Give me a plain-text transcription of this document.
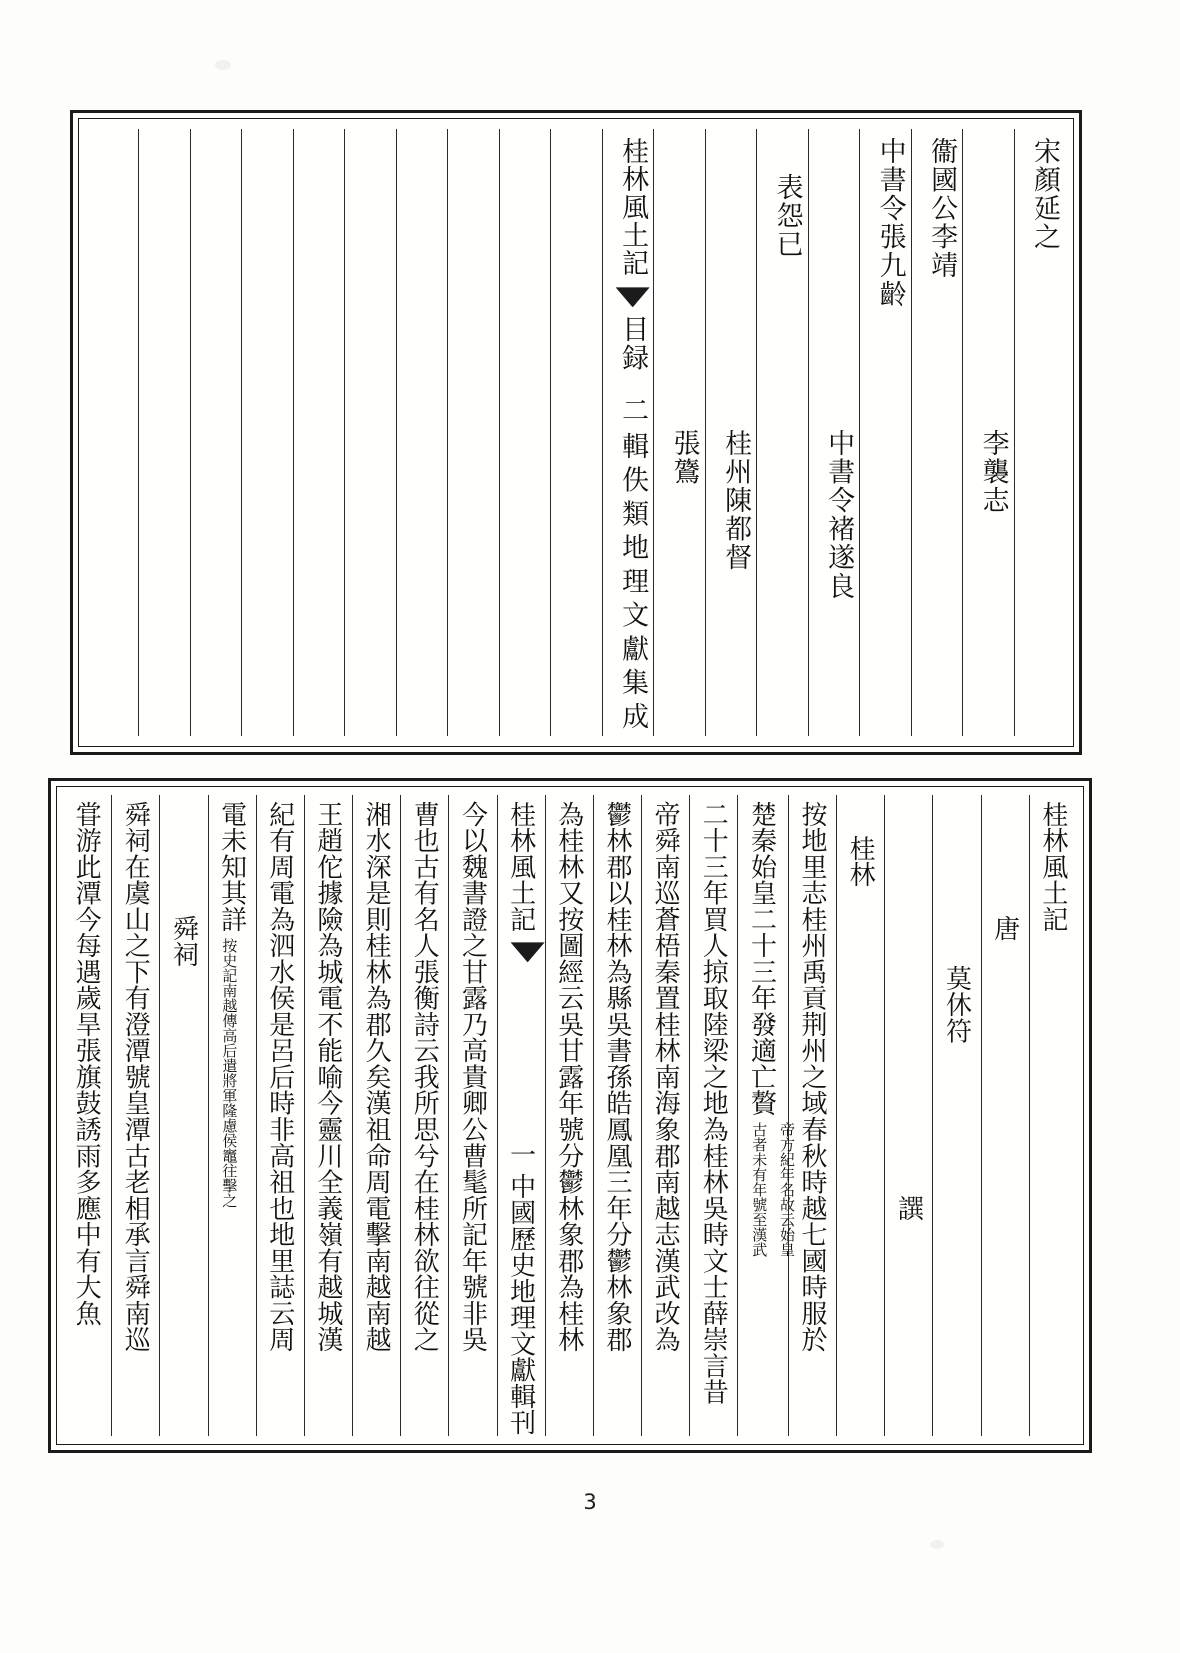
宋顏延之
李襲志
衞國公李靖
中書令張九齡
中書令褚遂良
表怨已
桂州陳都督
張鷟
桂林風土記
目録
二
輯佚類地理文獻集成
桂林風土記
唐
莫休符
譔
桂林
按地里志桂州禹貢荆州之域春秋時越七國時服於
楚秦始皇二十三年發適亡贅
古者未有年號至漢武 帝方紀年名故云始皇
二十三年買人掠取陸梁之地為桂林吳時文士薛崇言昔
帝舜南巡蒼梧秦置桂林南海象郡南越志漢武改為
鬱林郡以桂林為縣吳書孫皓鳳凰三年分鬱林象郡
為桂林又按圖經云吳甘露年號分鬱林象郡為桂林
桂林風土記
一
中國歷史地理文獻輯刊
今以魏書證之甘露乃高貴卿公曹髦所記年號非吳
曹也古有名人張衡詩云我所思兮在桂林欲往從之
湘水深是則桂林為郡久矣漢祖命周電擊南越南越
王趙佗據險為城電不能喻今靈川全義嶺有越城漢
紀有周電為泗水侯是呂后時非高祖也地里誌云周
電未知其詳
按史記南越傳高后遣將軍隆慮侯竈往擊之
舜祠
舜祠在虞山之下有澄潭號皇潭古老相承言舜南巡
甞游此潭今每遇歲旱張旗鼓誘雨多應中有大魚
3
